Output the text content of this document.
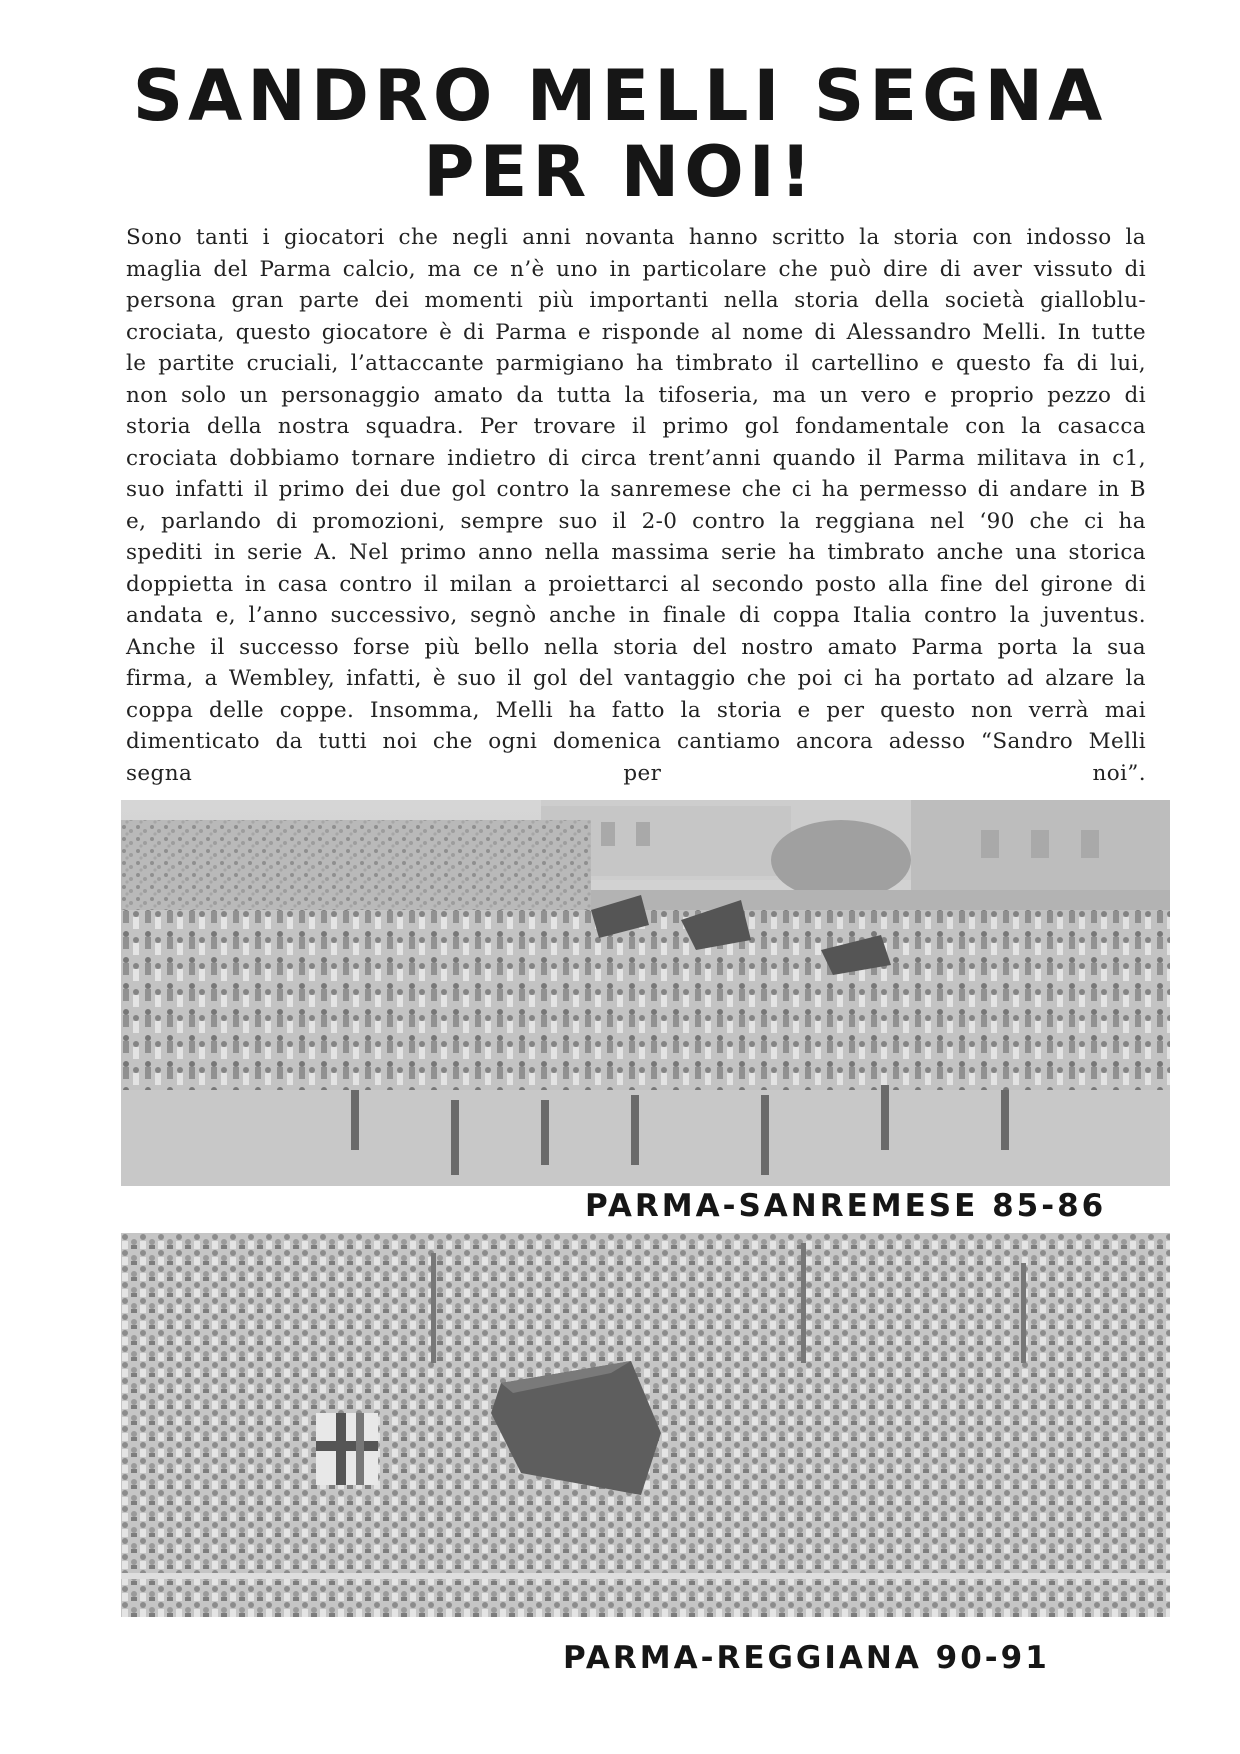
SANDRO MELLI SEGNA
PER NOI!

Sono tanti i giocatori che negli anni novanta hanno scritto la storia con indosso la maglia del Parma calcio, ma ce n’è uno in particolare che può dire di aver vissuto di persona gran parte dei momenti più importanti nella storia della società gialloblu-crociata, questo giocatore è di Parma e risponde al nome di Alessandro Melli. In tutte le partite cruciali, l’attaccante parmigiano ha timbrato il cartellino e questo fa di lui, non solo un personaggio amato da tutta la tifoseria, ma un vero e proprio pezzo di storia della nostra squadra. Per trovare il primo gol fondamentale con la casacca crociata dobbiamo tornare indietro di circa trent’anni quando il Parma militava in c1, suo infatti il primo dei due gol contro la sanremese che ci ha permesso di andare in B e, parlando di promozioni, sempre suo il 2-0 contro la reggiana nel ‘90 che ci ha spediti in serie A. Nel primo anno nella massima serie ha timbrato anche una storica doppietta in casa contro il milan a proiettarci al secondo posto alla fine del girone di andata e, l’anno successivo, segnò anche in finale di coppa Italia contro la juventus. Anche il successo forse più bello nella storia del nostro amato Parma porta la sua firma, a Wembley, infatti, è suo il gol del vantaggio che poi ci ha portato ad alzare la coppa delle coppe. Insomma, Melli ha fatto la storia e per questo non verrà mai dimenticato da tutti noi che ogni domenica cantiamo ancora adesso “Sandro Melli segna per noi”.

PARMA-SANREMESE 85-86

PARMA-REGGIANA 90-91
